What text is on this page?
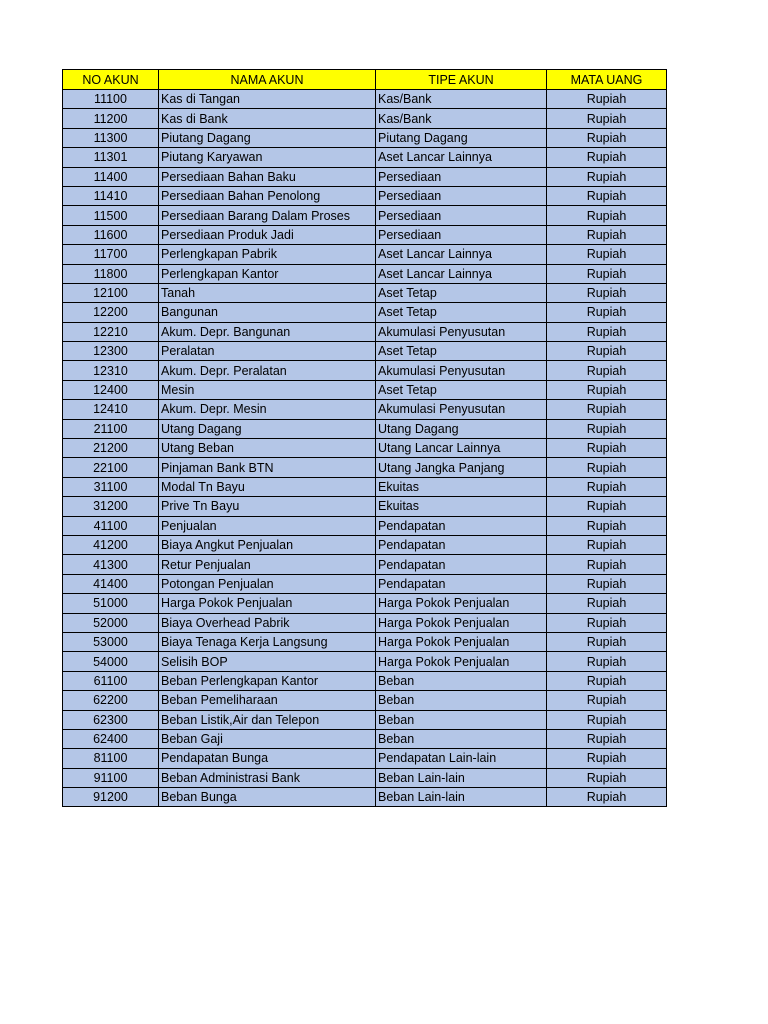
NO AKUN	NAMA AKUN	TIPE AKUN	MATA UANG
11100	Kas di Tangan	Kas/Bank	Rupiah
11200	Kas di Bank	Kas/Bank	Rupiah
11300	Piutang Dagang	Piutang Dagang	Rupiah
11301	Piutang Karyawan	Aset Lancar Lainnya	Rupiah
11400	Persediaan Bahan Baku	Persediaan	Rupiah
11410	Persediaan Bahan Penolong	Persediaan	Rupiah
11500	Persediaan Barang Dalam Proses	Persediaan	Rupiah
11600	Persediaan Produk Jadi	Persediaan	Rupiah
11700	Perlengkapan Pabrik	Aset Lancar Lainnya	Rupiah
11800	Perlengkapan Kantor	Aset Lancar Lainnya	Rupiah
12100	Tanah	Aset Tetap	Rupiah
12200	Bangunan	Aset Tetap	Rupiah
12210	Akum. Depr. Bangunan	Akumulasi Penyusutan	Rupiah
12300	Peralatan	Aset Tetap	Rupiah
12310	Akum. Depr. Peralatan	Akumulasi Penyusutan	Rupiah
12400	Mesin	Aset Tetap	Rupiah
12410	Akum. Depr. Mesin	Akumulasi Penyusutan	Rupiah
21100	Utang Dagang	Utang Dagang	Rupiah
21200	Utang Beban	Utang Lancar Lainnya	Rupiah
22100	Pinjaman Bank BTN	Utang Jangka Panjang	Rupiah
31100	Modal Tn Bayu	Ekuitas	Rupiah
31200	Prive Tn Bayu	Ekuitas	Rupiah
41100	Penjualan	Pendapatan	Rupiah
41200	Biaya Angkut Penjualan	Pendapatan	Rupiah
41300	Retur Penjualan	Pendapatan	Rupiah
41400	Potongan Penjualan	Pendapatan	Rupiah
51000	Harga Pokok Penjualan	Harga Pokok Penjualan	Rupiah
52000	Biaya Overhead Pabrik	Harga Pokok Penjualan	Rupiah
53000	Biaya Tenaga Kerja Langsung	Harga Pokok Penjualan	Rupiah
54000	Selisih BOP	Harga Pokok Penjualan	Rupiah
61100	Beban Perlengkapan Kantor	Beban	Rupiah
62200	Beban Pemeliharaan	Beban	Rupiah
62300	Beban Listik,Air dan Telepon	Beban	Rupiah
62400	Beban Gaji	Beban	Rupiah
81100	Pendapatan Bunga	Pendapatan Lain-lain	Rupiah
91100	Beban Administrasi Bank	Beban Lain-lain	Rupiah
91200	Beban Bunga	Beban Lain-lain	Rupiah
